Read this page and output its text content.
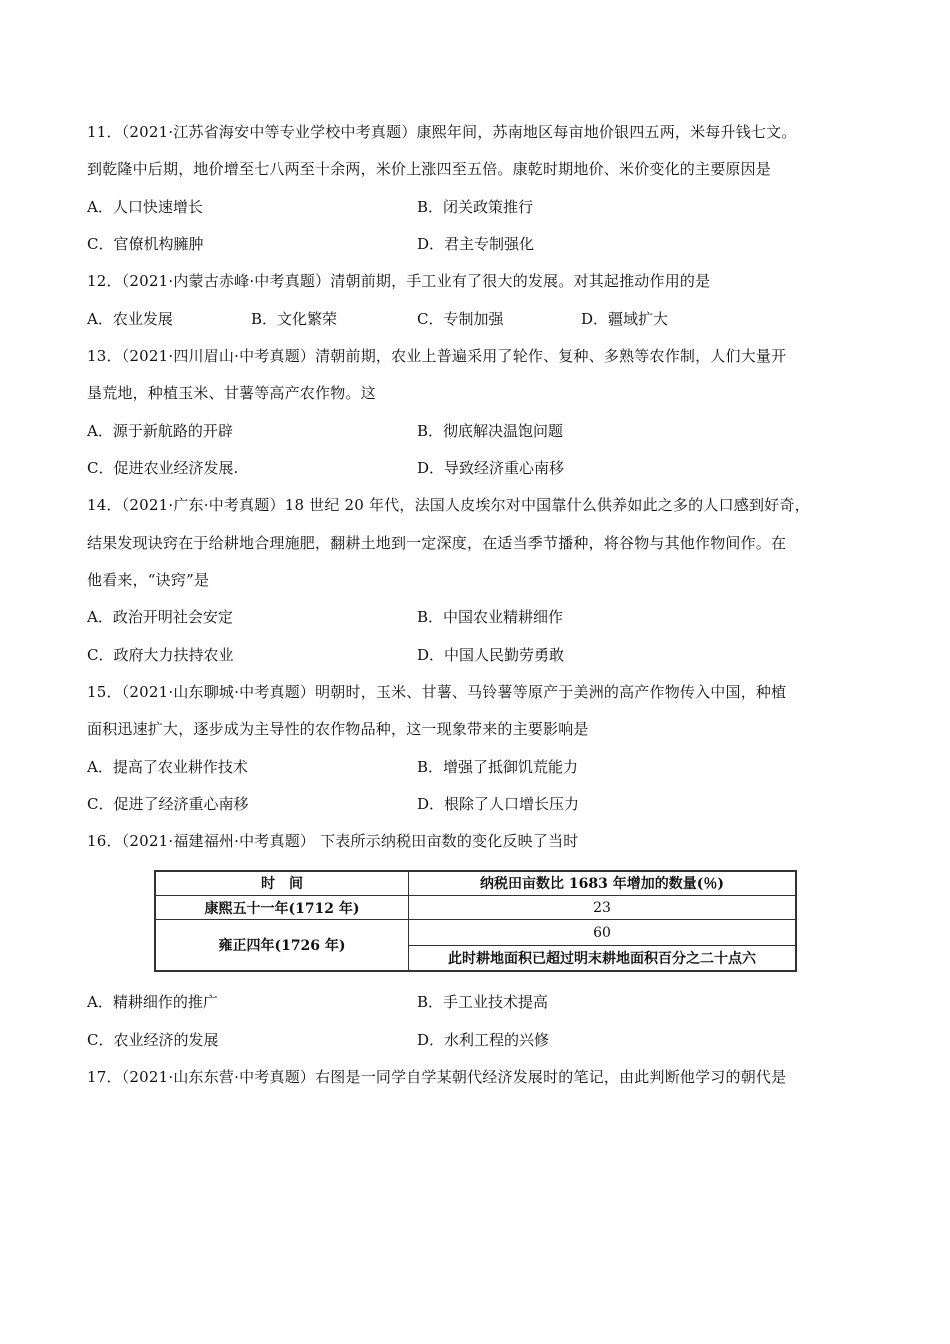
11．（2021·江苏省海安中等专业学校中考真题）康熙年间，苏南地区每亩地价银四五两，米每升钱七文。
到乾隆中后期，地价增至七八两至十余两，米价上涨四至五倍。康乾时期地价、米价变化的主要原因是
A．人口快速增长	B．闭关政策推行
C．官僚机构臃肿	D．君主专制强化
12．（2021·内蒙古赤峰·中考真题）清朝前期，手工业有了很大的发展。对其起推动作用的是
A．农业发展	B．文化繁荣	C．专制加强	D．疆域扩大
13．（2021·四川眉山·中考真题）清朝前期，农业上普遍采用了轮作、复种、多熟等农作制，人们大量开
垦荒地，种植玉米、甘薯等高产农作物。这
A．源于新航路的开辟	B．彻底解决温饱问题
C．促进农业经济发展.	D．导致经济重心南移
14．（2021·广东·中考真题）18 世纪 20 年代，法国人皮埃尔对中国靠什么供养如此之多的人口感到好奇，
结果发现诀窍在于给耕地合理施肥，翻耕土地到一定深度，在适当季节播种，将谷物与其他作物间作。在
他看来，“诀窍”是
A．政治开明社会安定	B．中国农业精耕细作
C．政府大力扶持农业	D．中国人民勤劳勇敢
15．（2021·山东聊城·中考真题）明朝时，玉米、甘薯、马铃薯等原产于美洲的高产作物传入中国，种植
面积迅速扩大，逐步成为主导性的农作物品种，这一现象带来的主要影响是
A．提高了农业耕作技术	B．增强了抵御饥荒能力
C．促进了经济重心南移	D．根除了人口增长压力
16．（2021·福建福州·中考真题） 下表所示纳税田亩数的变化反映了当时
时　间	纳税田亩数比 1683 年增加的数量(％)
康熙五十一年(1712 年)	23
雍正四年(1726 年)	60
	此时耕地面积已超过明末耕地面积百分之二十点六
A．精耕细作的推广	B．手工业技术提高
C．农业经济的发展	D．水利工程的兴修
17．（2021·山东东营·中考真题）右图是一同学自学某朝代经济发展时的笔记，由此判断他学习的朝代是
